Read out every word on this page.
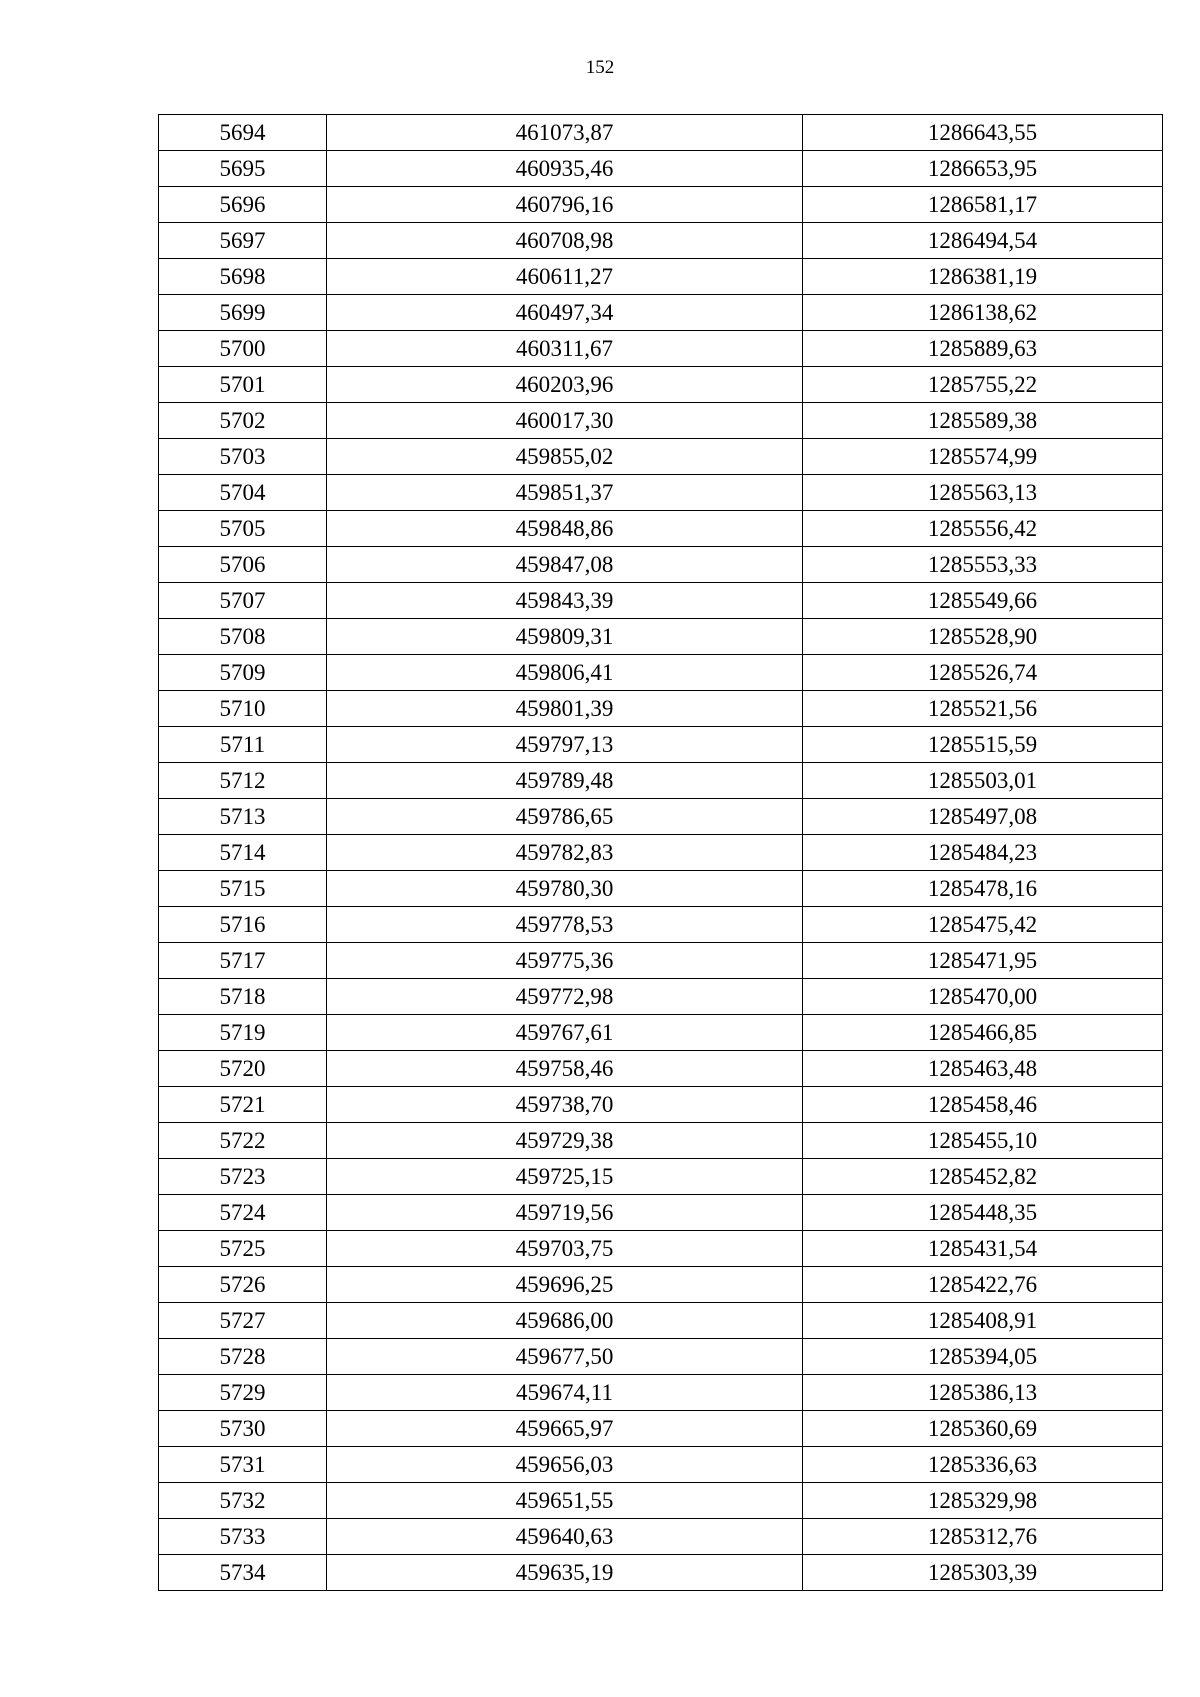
152
5694	461073,87	1286643,55
5695	460935,46	1286653,95
5696	460796,16	1286581,17
5697	460708,98	1286494,54
5698	460611,27	1286381,19
5699	460497,34	1286138,62
5700	460311,67	1285889,63
5701	460203,96	1285755,22
5702	460017,30	1285589,38
5703	459855,02	1285574,99
5704	459851,37	1285563,13
5705	459848,86	1285556,42
5706	459847,08	1285553,33
5707	459843,39	1285549,66
5708	459809,31	1285528,90
5709	459806,41	1285526,74
5710	459801,39	1285521,56
5711	459797,13	1285515,59
5712	459789,48	1285503,01
5713	459786,65	1285497,08
5714	459782,83	1285484,23
5715	459780,30	1285478,16
5716	459778,53	1285475,42
5717	459775,36	1285471,95
5718	459772,98	1285470,00
5719	459767,61	1285466,85
5720	459758,46	1285463,48
5721	459738,70	1285458,46
5722	459729,38	1285455,10
5723	459725,15	1285452,82
5724	459719,56	1285448,35
5725	459703,75	1285431,54
5726	459696,25	1285422,76
5727	459686,00	1285408,91
5728	459677,50	1285394,05
5729	459674,11	1285386,13
5730	459665,97	1285360,69
5731	459656,03	1285336,63
5732	459651,55	1285329,98
5733	459640,63	1285312,76
5734	459635,19	1285303,39
